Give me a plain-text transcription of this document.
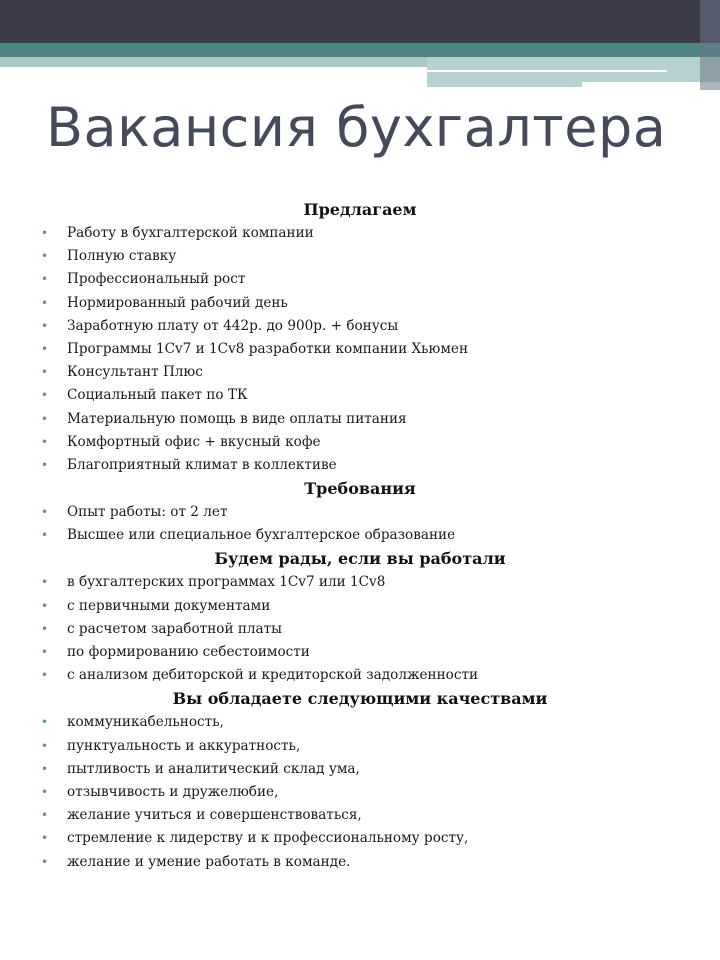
Вакансия бухгалтера
Предлагаем
• Работу в бухгалтерской компании
• Полную ставку
• Профессиональный рост
• Нормированный рабочий день
• Заработную плату от 442р. до 900р. + бонусы
• Программы 1Cv7 и 1Cv8 разработки компании Хьюмен
• Консультант Плюс
• Социальный пакет по ТК
• Материальную помощь в виде оплаты питания
• Комфортный офис + вкусный кофе
• Благоприятный климат в коллективе
Требования
• Опыт работы: от 2 лет
• Высшее или специальное бухгалтерское образование
Будем рады, если вы работали
• в бухгалтерских программах 1Cv7 или 1Cv8
• с первичными документами
• с расчетом заработной платы
• по формированию себестоимости
• с анализом дебиторской и кредиторской задолженности
Вы обладаете следующими качествами
• коммуникабельность,
• пунктуальность и аккуратность,
• пытливость и аналитический склад ума,
• отзывчивость и дружелюбие,
• желание учиться и совершенствоваться,
• стремление к лидерству и к профессиональному росту,
• желание и умение работать в команде.
